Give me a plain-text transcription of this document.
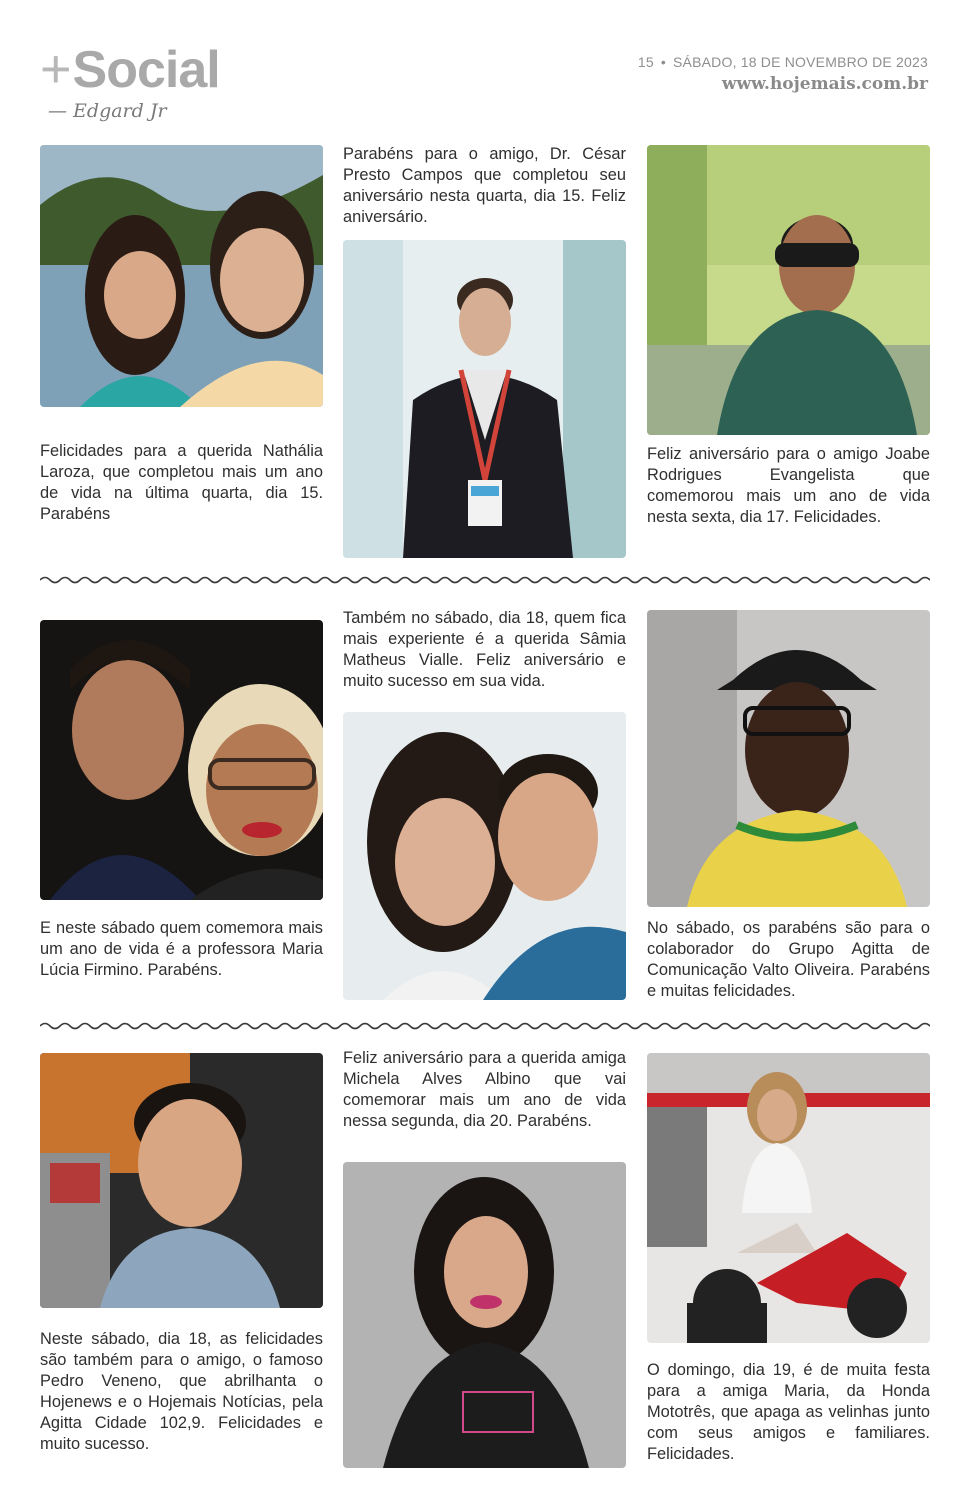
+Social
— Edgard Jr
15 • SÁBADO, 18 DE NOVEMBRO DE 2023
www.hojemais.com.br

Felicidades para a querida Nathália Laroza, que completou mais um ano de vida na última quarta, dia 15. Parabéns

Parabéns para o amigo, Dr. César Presto Campos que completou seu aniversário nesta quarta, dia 15. Feliz aniversário.

Feliz aniversário para o amigo Joabe Rodrigues Evangelista que comemorou mais um ano de vida nesta sexta, dia 17. Felicidades.

E neste sábado quem comemora mais um ano de vida é a professora Maria Lúcia Firmino. Parabéns.

Também no sábado, dia 18, quem fica mais experiente é a querida Sâmia Matheus Vialle. Feliz aniversário e muito sucesso em sua vida.

No sábado, os parabéns são para o colaborador do Grupo Agitta de Comunicação Valto Oliveira. Parabéns e muitas felicidades.

Neste sábado, dia 18, as felicidades são também para o amigo, o famoso Pedro Veneno, que abrilhanta o Hojenews e o Hojemais Notícias, pela Agitta Cidade 102,9. Felicidades e muito sucesso.

Feliz aniversário para a querida amiga Michela Alves Albino que vai comemorar mais um ano de vida nessa segunda, dia 20. Parabéns.

O domingo, dia 19, é de muita festa para a amiga Maria, da Honda Mototrês, que apaga as velinhas junto com seus amigos e familiares. Felicidades.
